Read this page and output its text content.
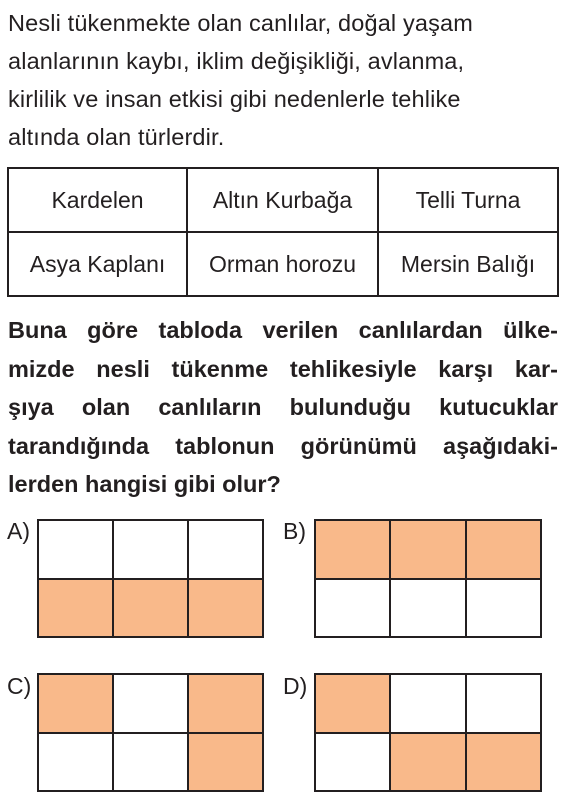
Nesli tükenmekte olan canlılar, doğal yaşam
alanlarının kaybı, iklim değişikliği, avlanma,
kirlilik ve insan etkisi gibi nedenlerle tehlike
altında olan türlerdir.

Kardelen	Altın Kurbağa	Telli Turna
Asya Kaplanı	Orman horozu	Mersin Balığı

Buna göre tabloda verilen canlılardan ülke-
mizde nesli tükenme tehlikesiyle karşı kar-
şıya olan canlıların bulunduğu kutucuklar
tarandığında tablonun görünümü aşağıdaki-
lerden hangisi gibi olur?

A)	B)
C)	D)
